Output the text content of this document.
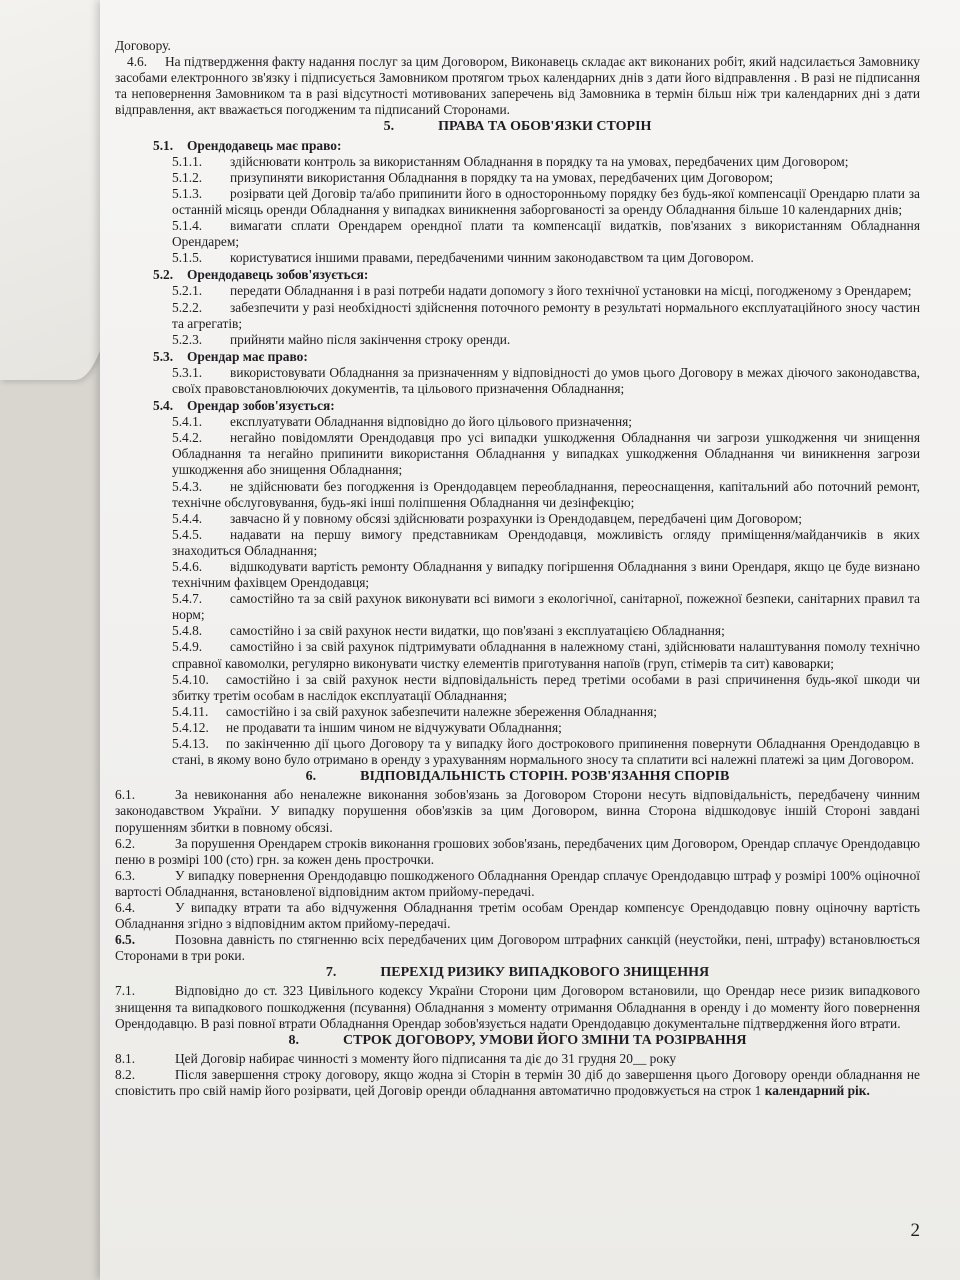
Договору.

4.6. На підтвердження факту надання послуг за цим Договором, Виконавець складає акт виконаних робіт, який надсилається Замовнику засобами електронного зв'язку і підписується Замовником протягом трьох календарних днів з дати його відправлення . В разі не підписання та неповернення Замовником та в разі відсутності мотивованих заперечень від Замовника в термін більш ніж три календарних дні з дати відправлення, акт вважається погодженим та підписаний Сторонами.

5.	ПРАВА ТА ОБОВ'ЯЗКИ СТОРІН
5.1. Орендодавець має право:

5.1.1. здійснювати контроль за використанням Обладнання в порядку та на умовах, передбачених цим Договором;

5.1.2. призупиняти використання Обладнання в порядку та на умовах, передбачених цим Договором;

5.1.3. розірвати цей Договір та/або припинити його в односторонньому порядку без будь-якої компенсації Орендарю плати за останній місяць оренди Обладнання у випадках виникнення заборгованості за оренду Обладнання більше 10 календарних днів;

5.1.4. вимагати сплати Орендарем орендної плати та компенсації видатків, пов'язаних з використанням Обладнання Орендарем;

5.1.5. користуватися іншими правами, передбаченими чинним законодавством та цим Договором.

5.2. Орендодавець зобов'язується:

5.2.1. передати Обладнання і в разі потреби надати допомогу з його технічної установки на місці, погодженому з Орендарем;

5.2.2. забезпечити у разі необхідності здійснення поточного ремонту в результаті нормального експлуатаційного зносу частин та агрегатів;

5.2.3. прийняти майно після закінчення строку оренди.

5.3. Орендар має право:

5.3.1. використовувати Обладнання за призначенням у відповідності до умов цього Договору в межах діючого законодавства, своїх правовстановлюючих документів, та цільового призначення Обладнання;

5.4. Орендар зобов'язується:

5.4.1. експлуатувати Обладнання відповідно до його цільового призначення;

5.4.2. негайно повідомляти Орендодавця про усі випадки ушкодження Обладнання чи загрози ушкодження чи знищення Обладнання та негайно припинити використання Обладнання у випадках ушкодження Обладнання чи виникнення загрози ушкодження або знищення Обладнання;

5.4.3. не здійснювати без погодження із Орендодавцем переобладнання, переоснащення, капітальний або поточний ремонт, технічне обслуговування, будь-які інші поліпшення Обладнання чи дезінфекцію;

5.4.4. завчасно й у повному обсязі здійснювати розрахунки із Орендодавцем, передбачені цим Договором;

5.4.5. надавати на першу вимогу представникам Орендодавця, можливість огляду приміщення/майданчиків в яких знаходиться Обладнання;

5.4.6. відшкодувати вартість ремонту Обладнання у випадку погіршення Обладнання з вини Орендаря, якщо це буде визнано технічним фахівцем Орендодавця;

5.4.7. самостійно та за свій рахунок виконувати всі вимоги з екологічної, санітарної, пожежної безпеки, санітарних правил та норм;

5.4.8. самостійно і за свій рахунок нести видатки, що пов'язані з експлуатацією Обладнання;

5.4.9. самостійно і за свій рахунок підтримувати обладнання в належному стані, здійснювати налаштування помолу технічно справної кавомолки, регулярно виконувати чистку елементів приготування напоїв (груп, стімерів та сит) кавоварки;

5.4.10. самостійно і за свій рахунок нести відповідальність перед третіми особами в разі спричинення будь-якої шкоди чи збитку третім особам в наслідок експлуатації Обладнання;

5.4.11. самостійно і за свій рахунок забезпечити належне збереження Обладнання;

5.4.12. не продавати та іншим чином не відчужувати Обладнання;

5.4.13. по закінченню дії цього Договору та у випадку його дострокового припинення повернути Обладнання Орендодавцю в стані, в якому воно було отримано в оренду з урахуванням нормального зносу та сплатити всі належні платежі за цим Договором.

6.	ВІДПОВІДАЛЬНІСТЬ СТОРІН. РОЗВ'ЯЗАННЯ СПОРІВ

6.1.	За невиконання або неналежне виконання зобов'язань за Договором Сторони несуть відповідальність, передбачену чинним законодавством України. У випадку порушення обов'язків за цим Договором, винна Сторона відшкодовує іншій Стороні завдані порушенням збитки в повному обсязі.

6.2.	За порушення Орендарем строків виконання грошових зобов'язань, передбачених цим Договором, Орендар сплачує Орендодавцю пеню в розмірі 100 (сто) грн. за кожен день прострочки.

6.3.	У випадку повернення Орендодавцю пошкодженого Обладнання Орендар сплачує Орендодавцю штраф у розмірі 100% оціночної вартості Обладнання, встановленої відповідним актом прийому-передачі.

6.4.	У випадку втрати та або відчуження Обладнання третім особам Орендар компенсує Орендодавцю повну оціночну вартість Обладнання згідно з відповідним актом прийому-передачі.

6.5.	Позовна давність по стягненню всіх передбачених цим Договором штрафних санкцій (неустойки, пені, штрафу) встановлюється Сторонами в три роки.

7.	ПЕРЕХІД РИЗИКУ ВИПАДКОВОГО ЗНИЩЕННЯ

7.1.	Відповідно до ст. 323 Цивільного кодексу України Сторони цим Договором встановили, що Орендар несе ризик випадкового знищення та випадкового пошкодження (псування) Обладнання з моменту отримання Обладнання в оренду і до моменту його повернення Орендодавцю. В разі повної втрати Обладнання Орендар зобов'язується надати Орендодавцю документальне підтвердження його втрати.

8.	СТРОК ДОГОВОРУ, УМОВИ ЙОГО ЗМІНИ ТА РОЗІРВАННЯ

8.1.	Цей Договір набирає чинності з моменту його підписання та діє до 31 грудня 20__ року

8.2.	Після завершення строку договору, якщо жодна зі Сторін в термін 30 діб до завершення цього Договору оренди обладнання не сповістить про свій намір його розірвати, цей Договір оренди обладнання автоматично продовжується на строк 1 календарний рік.

2
